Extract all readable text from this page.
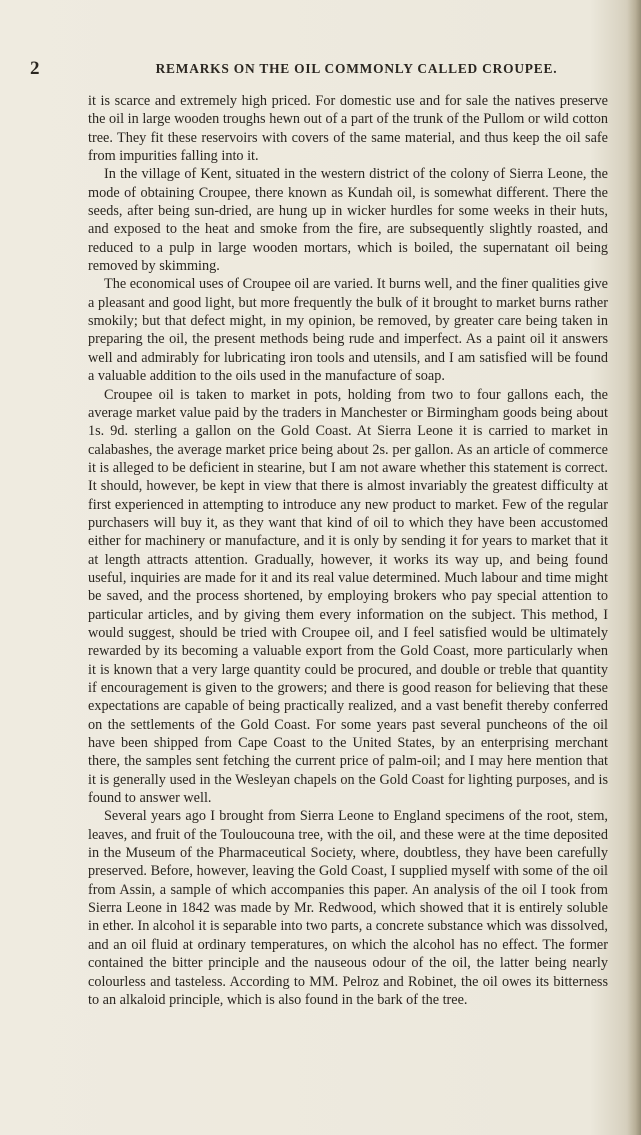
2	REMARKS ON THE OIL COMMONLY CALLED CROUPEE.

it is scarce and extremely high priced. For domestic use and for sale the natives preserve the oil in large wooden troughs hewn out of a part of the trunk of the Pullom or wild cotton tree. They fit these reservoirs with covers of the same material, and thus keep the oil safe from impurities falling into it.

In the village of Kent, situated in the western district of the colony of Sierra Leone, the mode of obtaining Croupee, there known as Kundah oil, is somewhat different. There the seeds, after being sun-dried, are hung up in wicker hurdles for some weeks in their huts, and exposed to the heat and smoke from the fire, are subsequently slightly roasted, and reduced to a pulp in large wooden mortars, which is boiled, the supernatant oil being removed by skimming.

The economical uses of Croupee oil are varied. It burns well, and the finer qualities give a pleasant and good light, but more frequently the bulk of it brought to market burns rather smokily; but that defect might, in my opinion, be removed, by greater care being taken in preparing the oil, the present methods being rude and imperfect. As a paint oil it answers well and admirably for lubricating iron tools and utensils, and I am satisfied will be found a valuable addition to the oils used in the manufacture of soap.

Croupee oil is taken to market in pots, holding from two to four gallons each, the average market value paid by the traders in Manchester or Birmingham goods being about 1s. 9d. sterling a gallon on the Gold Coast. At Sierra Leone it is carried to market in calabashes, the average market price being about 2s. per gallon. As an article of commerce it is alleged to be deficient in stearine, but I am not aware whether this statement is correct. It should, however, be kept in view that there is almost invariably the greatest difficulty at first experienced in attempting to introduce any new product to market. Few of the regular purchasers will buy it, as they want that kind of oil to which they have been accustomed either for machinery or manufacture, and it is only by sending it for years to market that it at length attracts attention. Gradually, however, it works its way up, and being found useful, inquiries are made for it and its real value determined. Much labour and time might be saved, and the process shortened, by employing brokers who pay special attention to particular articles, and by giving them every information on the subject. This method, I would suggest, should be tried with Croupee oil, and I feel satisfied would be ultimately rewarded by its becoming a valuable export from the Gold Coast, more particularly when it is known that a very large quantity could be procured, and double or treble that quantity if encouragement is given to the growers; and there is good reason for believing that these expectations are capable of being practically realized, and a vast benefit thereby conferred on the settlements of the Gold Coast. For some years past several puncheons of the oil have been shipped from Cape Coast to the United States, by an enterprising merchant there, the samples sent fetching the current price of palm-oil; and I may here mention that it is generally used in the Wesleyan chapels on the Gold Coast for lighting purposes, and is found to answer well.

Several years ago I brought from Sierra Leone to England specimens of the root, stem, leaves, and fruit of the Touloucouna tree, with the oil, and these were at the time deposited in the Museum of the Pharmaceutical Society, where, doubtless, they have been carefully preserved. Before, however, leaving the Gold Coast, I supplied myself with some of the oil from Assin, a sample of which accompanies this paper. An analysis of the oil I took from Sierra Leone in 1842 was made by Mr. Redwood, which showed that it is entirely soluble in ether. In alcohol it is separable into two parts, a concrete substance which was dissolved, and an oil fluid at ordinary temperatures, on which the alcohol has no effect. The former contained the bitter principle and the nauseous odour of the oil, the latter being nearly colourless and tasteless. According to MM. Pelroz and Robinet, the oil owes its bitterness to an alkaloid principle, which is also found in the bark of the tree.
